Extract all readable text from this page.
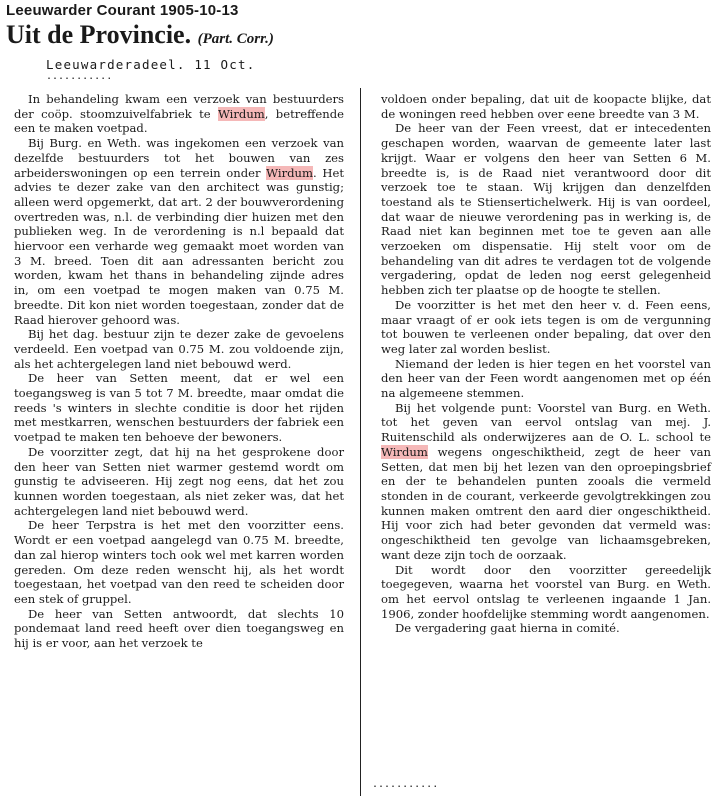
Leeuwarder Courant 1905-10-13
Uit de Provincie. (Part. Corr.)
Leeuwarderadeel. 11 Oct.
...........

In behandeling kwam een verzoek van bestuurders der coöp. stoomzuivelfabriek te Wirdum, betreffende een te maken voetpad.

Bij Burg. en Weth. was ingekomen een verzoek van dezelfde bestuurders tot het bouwen van zes arbeiderswoningen op een terrein onder Wirdum. Het advies te dezer zake van den architect was gunstig; alleen werd opgemerkt, dat art. 2 der bouwverordening overtreden was, n.l. de verbinding dier huizen met den publieken weg. In de verordening is n.l bepaald dat hiervoor een verharde weg gemaakt moet worden van 3 M. breed. Toen dit aan adressanten bericht zou worden, kwam het thans in behandeling zijnde adres in, om een voetpad te mogen maken van 0.75 M. breedte. Dit kon niet worden toegestaan, zonder dat de Raad hierover gehoord was.

Bij het dag. bestuur zijn te dezer zake de gevoelens verdeeld. Een voetpad van 0.75 M. zou voldoende zijn, als het achtergelegen land niet bebouwd werd.

De heer van Setten meent, dat er wel een toegangsweg is van 5 tot 7 M. breedte, maar omdat die reeds 's winters in slechte conditie is door het rijden met mestkarren, wenschen bestuurders der fabriek een voetpad te maken ten behoeve der bewoners.

De voorzitter zegt, dat hij na het gesprokene door den heer van Setten niet warmer gestemd wordt om gunstig te adviseeren. Hij zegt nog eens, dat het zou kunnen worden toegestaan, als niet zeker was, dat het achtergelegen land niet bebouwd werd.

De heer Terpstra is het met den voorzitter eens. Wordt er een voetpad aangelegd van 0.75 M. breedte, dan zal hierop winters toch ook wel met karren worden gereden. Om deze reden wenscht hij, als het wordt toegestaan, het voetpad van den reed te scheiden door een stek of gruppel.

De heer van Setten antwoordt, dat slechts 10 pondemaat land reed heeft over dien toegangsweg en hij is er voor, aan het verzoek te

voldoen onder bepaling, dat uit de koopacte blijke, dat de woningen reed hebben over eene breedte van 3 M.

De heer van der Feen vreest, dat er intecedenten geschapen worden, waarvan de gemeente later last krijgt. Waar er volgens den heer van Setten 6 M. breedte is, is de Raad niet verantwoord door dit verzoek toe te staan. Wij krijgen dan denzelfden toestand als te Stiensertichelwerk. Hij is van oordeel, dat waar de nieuwe verordening pas in werking is, de Raad niet kan beginnen met toe te geven aan alle verzoeken om dispensatie. Hij stelt voor om de behandeling van dit adres te verdagen tot de volgende vergadering, opdat de leden nog eerst gelegenheid hebben zich ter plaatse op de hoogte te stellen.

De voorzitter is het met den heer v. d. Feen eens, maar vraagt of er ook iets tegen is om de vergunning tot bouwen te verleenen onder bepaling, dat over den weg later zal worden beslist.

Niemand der leden is hier tegen en het voorstel van den heer van der Feen wordt aangenomen met op één na algemeene stemmen.

Bij het volgende punt: Voorstel van Burg. en Weth. tot het geven van eervol ontslag van mej. J. Ruitenschild als onderwijzeres aan de O. L. school te Wirdum wegens ongeschiktheid, zegt de heer van Setten, dat men bij het lezen van den oproepingsbrief en der te behandelen punten zooals die vermeld stonden in de courant, verkeerde gevolgtrekkingen zou kunnen maken omtrent den aard dier ongeschiktheid. Hij voor zich had beter gevonden dat vermeld was: ongeschiktheid ten gevolge van lichaamsgebreken, want deze zijn toch de oorzaak.

Dit wordt door den voorzitter gereedelijk toegegeven, waarna het voorstel van Burg. en Weth. om het eervol ontslag te verleenen ingaande 1 Jan. 1906, zonder hoofdelijke stemming wordt aangenomen.

De vergadering gaat hierna in comité.

...........
